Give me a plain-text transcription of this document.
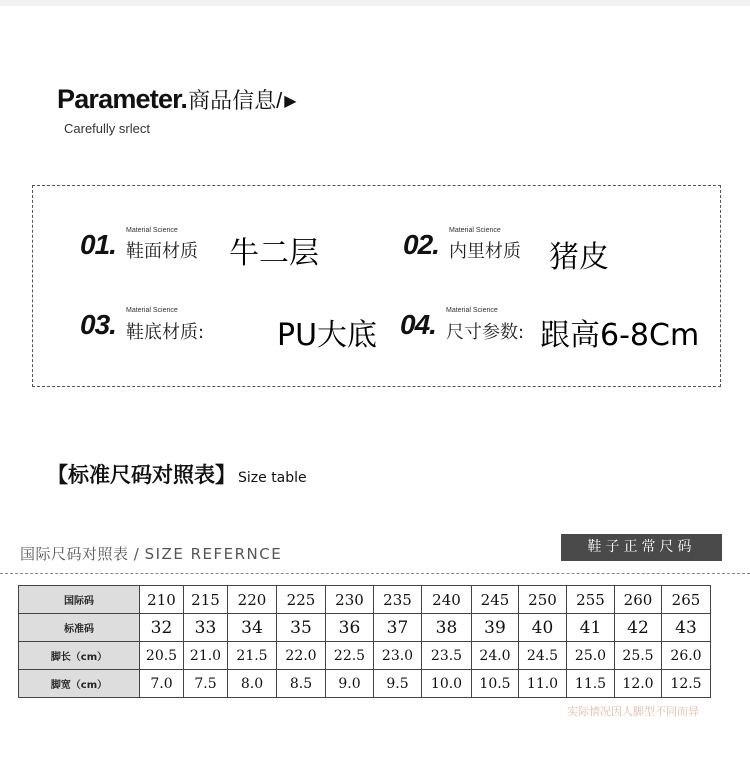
Parameter.商品信息/ ▶
Carefully srlect
01. Material Science
鞋面材质 牛二层	02. Material Science
内里材质 猪皮
03. Material Science
鞋底材质: PU大底 04. Material Science
尺寸参数: 跟高6-8Cm
【标准尺码对照表】 Size table
国际尺码对照表 / SIZE REFERNCE	鞋子正常尺码
国际码	210	215	220	225	230	235	240	245	250	255	260	265
标准码	32	33	34	35	36	37	38	39	40	41	42	43
脚长（cm）	20.5	21.0	21.5	22.0	22.5	23.0	23.5	24.0	24.5	25.0	25.5	26.0
脚宽（cm）	7.0	7.5	8.0	8.5	9.0	9.5	10.0	10.5	11.0	11.5	12.0	12.5
实际情况因人脚型不同而异
